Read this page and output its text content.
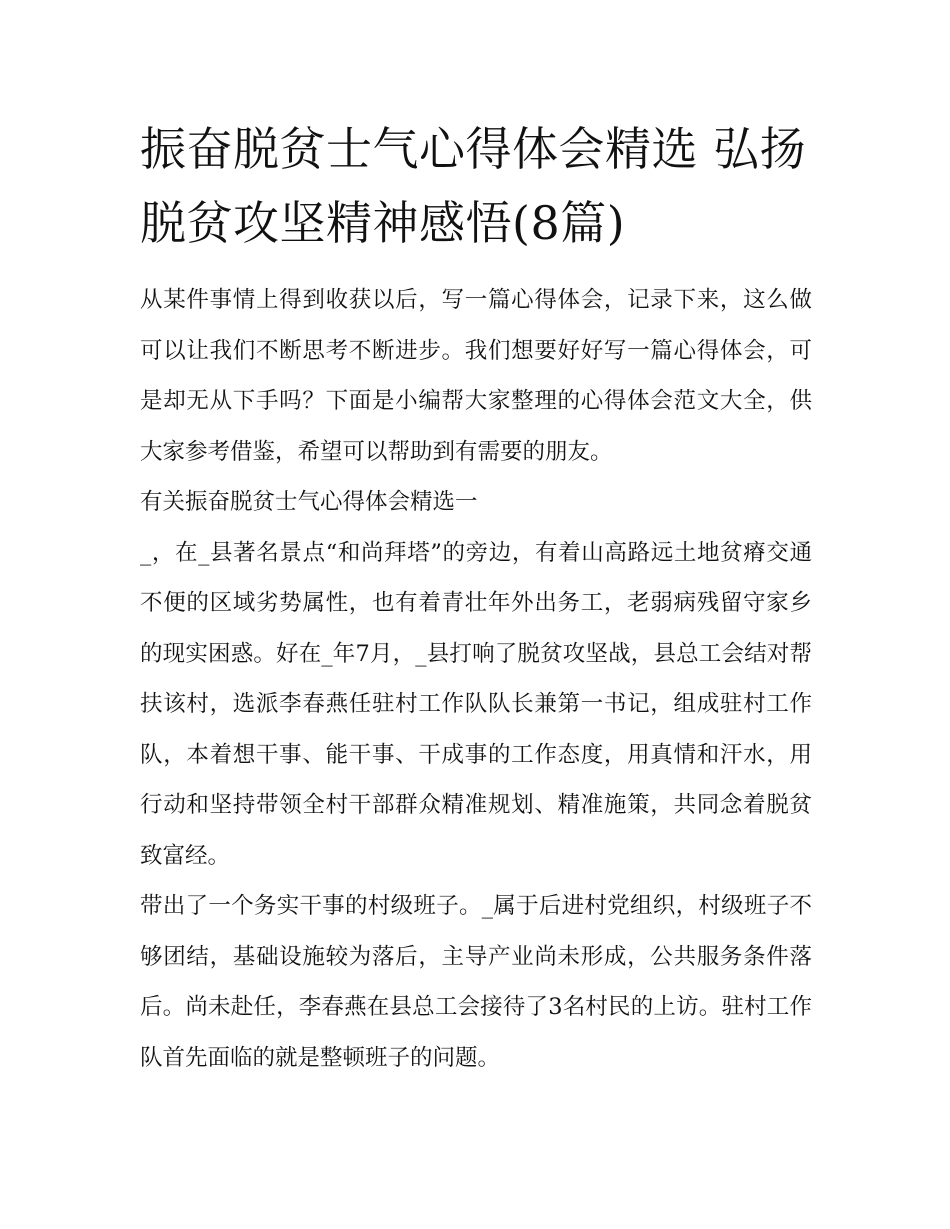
振奋脱贫士气心得体会精选 弘扬脱贫攻坚精神感悟(8篇)

从某件事情上得到收获以后，写一篇心得体会，记录下来，这么做可以让我们不断思考不断进步。我们想要好好写一篇心得体会，可是却无从下手吗？下面是小编帮大家整理的心得体会范文大全，供大家参考借鉴，希望可以帮助到有需要的朋友。

有关振奋脱贫士气心得体会精选一

_，在_县著名景点“和尚拜塔”的旁边，有着山高路远土地贫瘠交通不便的区域劣势属性，也有着青壮年外出务工，老弱病残留守家乡的现实困惑。好在_年7月，_县打响了脱贫攻坚战，县总工会结对帮扶该村，选派李春燕任驻村工作队队长兼第一书记，组成驻村工作队，本着想干事、能干事、干成事的工作态度，用真情和汗水，用行动和坚持带领全村干部群众精准规划、精准施策，共同念着脱贫致富经。

带出了一个务实干事的村级班子。_属于后进村党组织，村级班子不够团结，基础设施较为落后，主导产业尚未形成，公共服务条件落后。尚未赴任，李春燕在县总工会接待了3名村民的上访。驻村工作队首先面临的就是整顿班子的问题。
